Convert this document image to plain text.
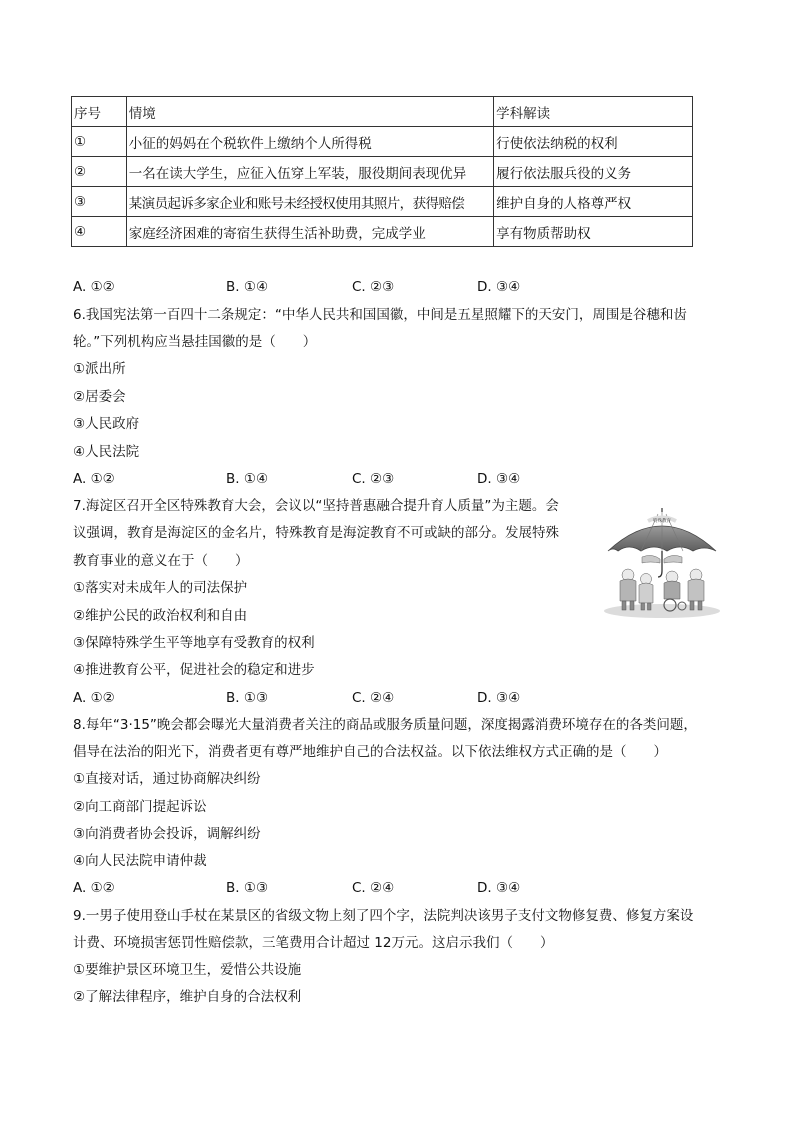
序号	情境	学科解读
①	小征的妈妈在个税软件上缴纳个人所得税	行使依法纳税的权利
②	一名在读大学生，应征入伍穿上军装，服役期间表现优异	履行依法服兵役的义务
③	某演员起诉多家企业和账号未经授权使用其照片，获得赔偿	维护自身的人格尊严权
④	家庭经济困难的寄宿生获得生活补助费，完成学业	享有物质帮助权
A. ①②	B. ①④	C. ②③	D. ③④
6.我国宪法第一百四十二条规定：“中华人民共和国国徽，中间是五星照耀下的天安门，周围是谷穗和齿
轮。”下列机构应当悬挂国徽的是（　　）
①派出所
②居委会
③人民政府
④人民法院
A. ①②	B. ①④	C. ②③	D. ③④
7.海淀区召开全区特殊教育大会，会议以“坚持普惠融合提升育人质量”为主题。会
议强调，教育是海淀区的金名片，特殊教育是海淀教育不可或缺的部分。发展特殊
教育事业的意义在于（　　）
①落实对未成年人的司法保护
②维护公民的政治权利和自由
③保障特殊学生平等地享有受教育的权利
④推进教育公平，促进社会的稳定和进步
A. ①②	B. ①③	C. ②④	D. ③④
特殊教育
8.每年“3·15”晚会都会曝光大量消费者关注的商品或服务质量问题，深度揭露消费环境存在的各类问题，
倡导在法治的阳光下，消费者更有尊严地维护自己的合法权益。以下依法维权方式正确的是（　　）
①直接对话，通过协商解决纠纷
②向工商部门提起诉讼
③向消费者协会投诉，调解纠纷
④向人民法院申请仲裁
A. ①②	B. ①③	C. ②④	D. ③④
9.一男子使用登山手杖在某景区的省级文物上刻了四个字，法院判决该男子支付文物修复费、修复方案设
计费、环境损害惩罚性赔偿款，三笔费用合计超过 12万元。这启示我们（　　）
①要维护景区环境卫生，爱惜公共设施
②了解法律程序，维护自身的合法权利
